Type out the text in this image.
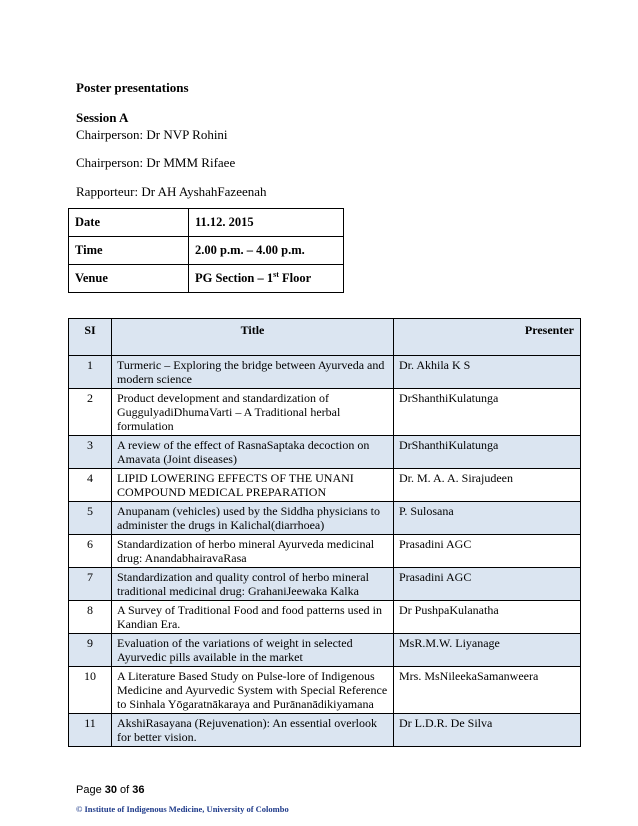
Poster presentations
Session A
Chairperson: Dr NVP Rohini
Chairperson: Dr MMM Rifaee
Rapporteur: Dr AH AyshahFazeenah
Date	11.12. 2015
Time	2.00 p.m. – 4.00 p.m.
Venue	PG Section – 1st Floor
SI	Title	Presenter
1	Turmeric – Exploring the bridge between Ayurveda and modern science	Dr. Akhila K S
2	Product development and standardization of GuggulyadiDhumaVarti – A Traditional herbal formulation	DrShanthiKulatunga
3	A review of the effect of RasnaSaptaka decoction on Amavata (Joint diseases)	DrShanthiKulatunga
4	LIPID LOWERING EFFECTS OF THE UNANI COMPOUND MEDICAL PREPARATION	Dr. M. A. A. Sirajudeen
5	Anupanam (vehicles) used by the Siddha physicians to administer the drugs in Kalichal(diarrhoea)	P. Sulosana
6	Standardization of herbo mineral Ayurveda medicinal drug: AnandabhairavaRasa	Prasadini AGC
7	Standardization and quality control of herbo mineral traditional medicinal drug: GrahaniJeewaka Kalka	Prasadini AGC
8	A Survey of Traditional Food and food patterns used in Kandian Era.	Dr PushpaKulanatha
9	Evaluation of the variations of weight in selected Ayurvedic pills available in the market	MsR.M.W. Liyanage
10	A Literature Based Study on Pulse-lore of Indigenous Medicine and Ayurvedic System with Special Reference to Sinhala Yōgaratnākaraya and Purānanādikiyamana	Mrs. MsNileekaSamanweera
11	AkshiRasayana (Rejuvenation): An essential overlook for better vision.	Dr L.D.R. De Silva
Page 30 of 36
© Institute of Indigenous Medicine, University of Colombo
